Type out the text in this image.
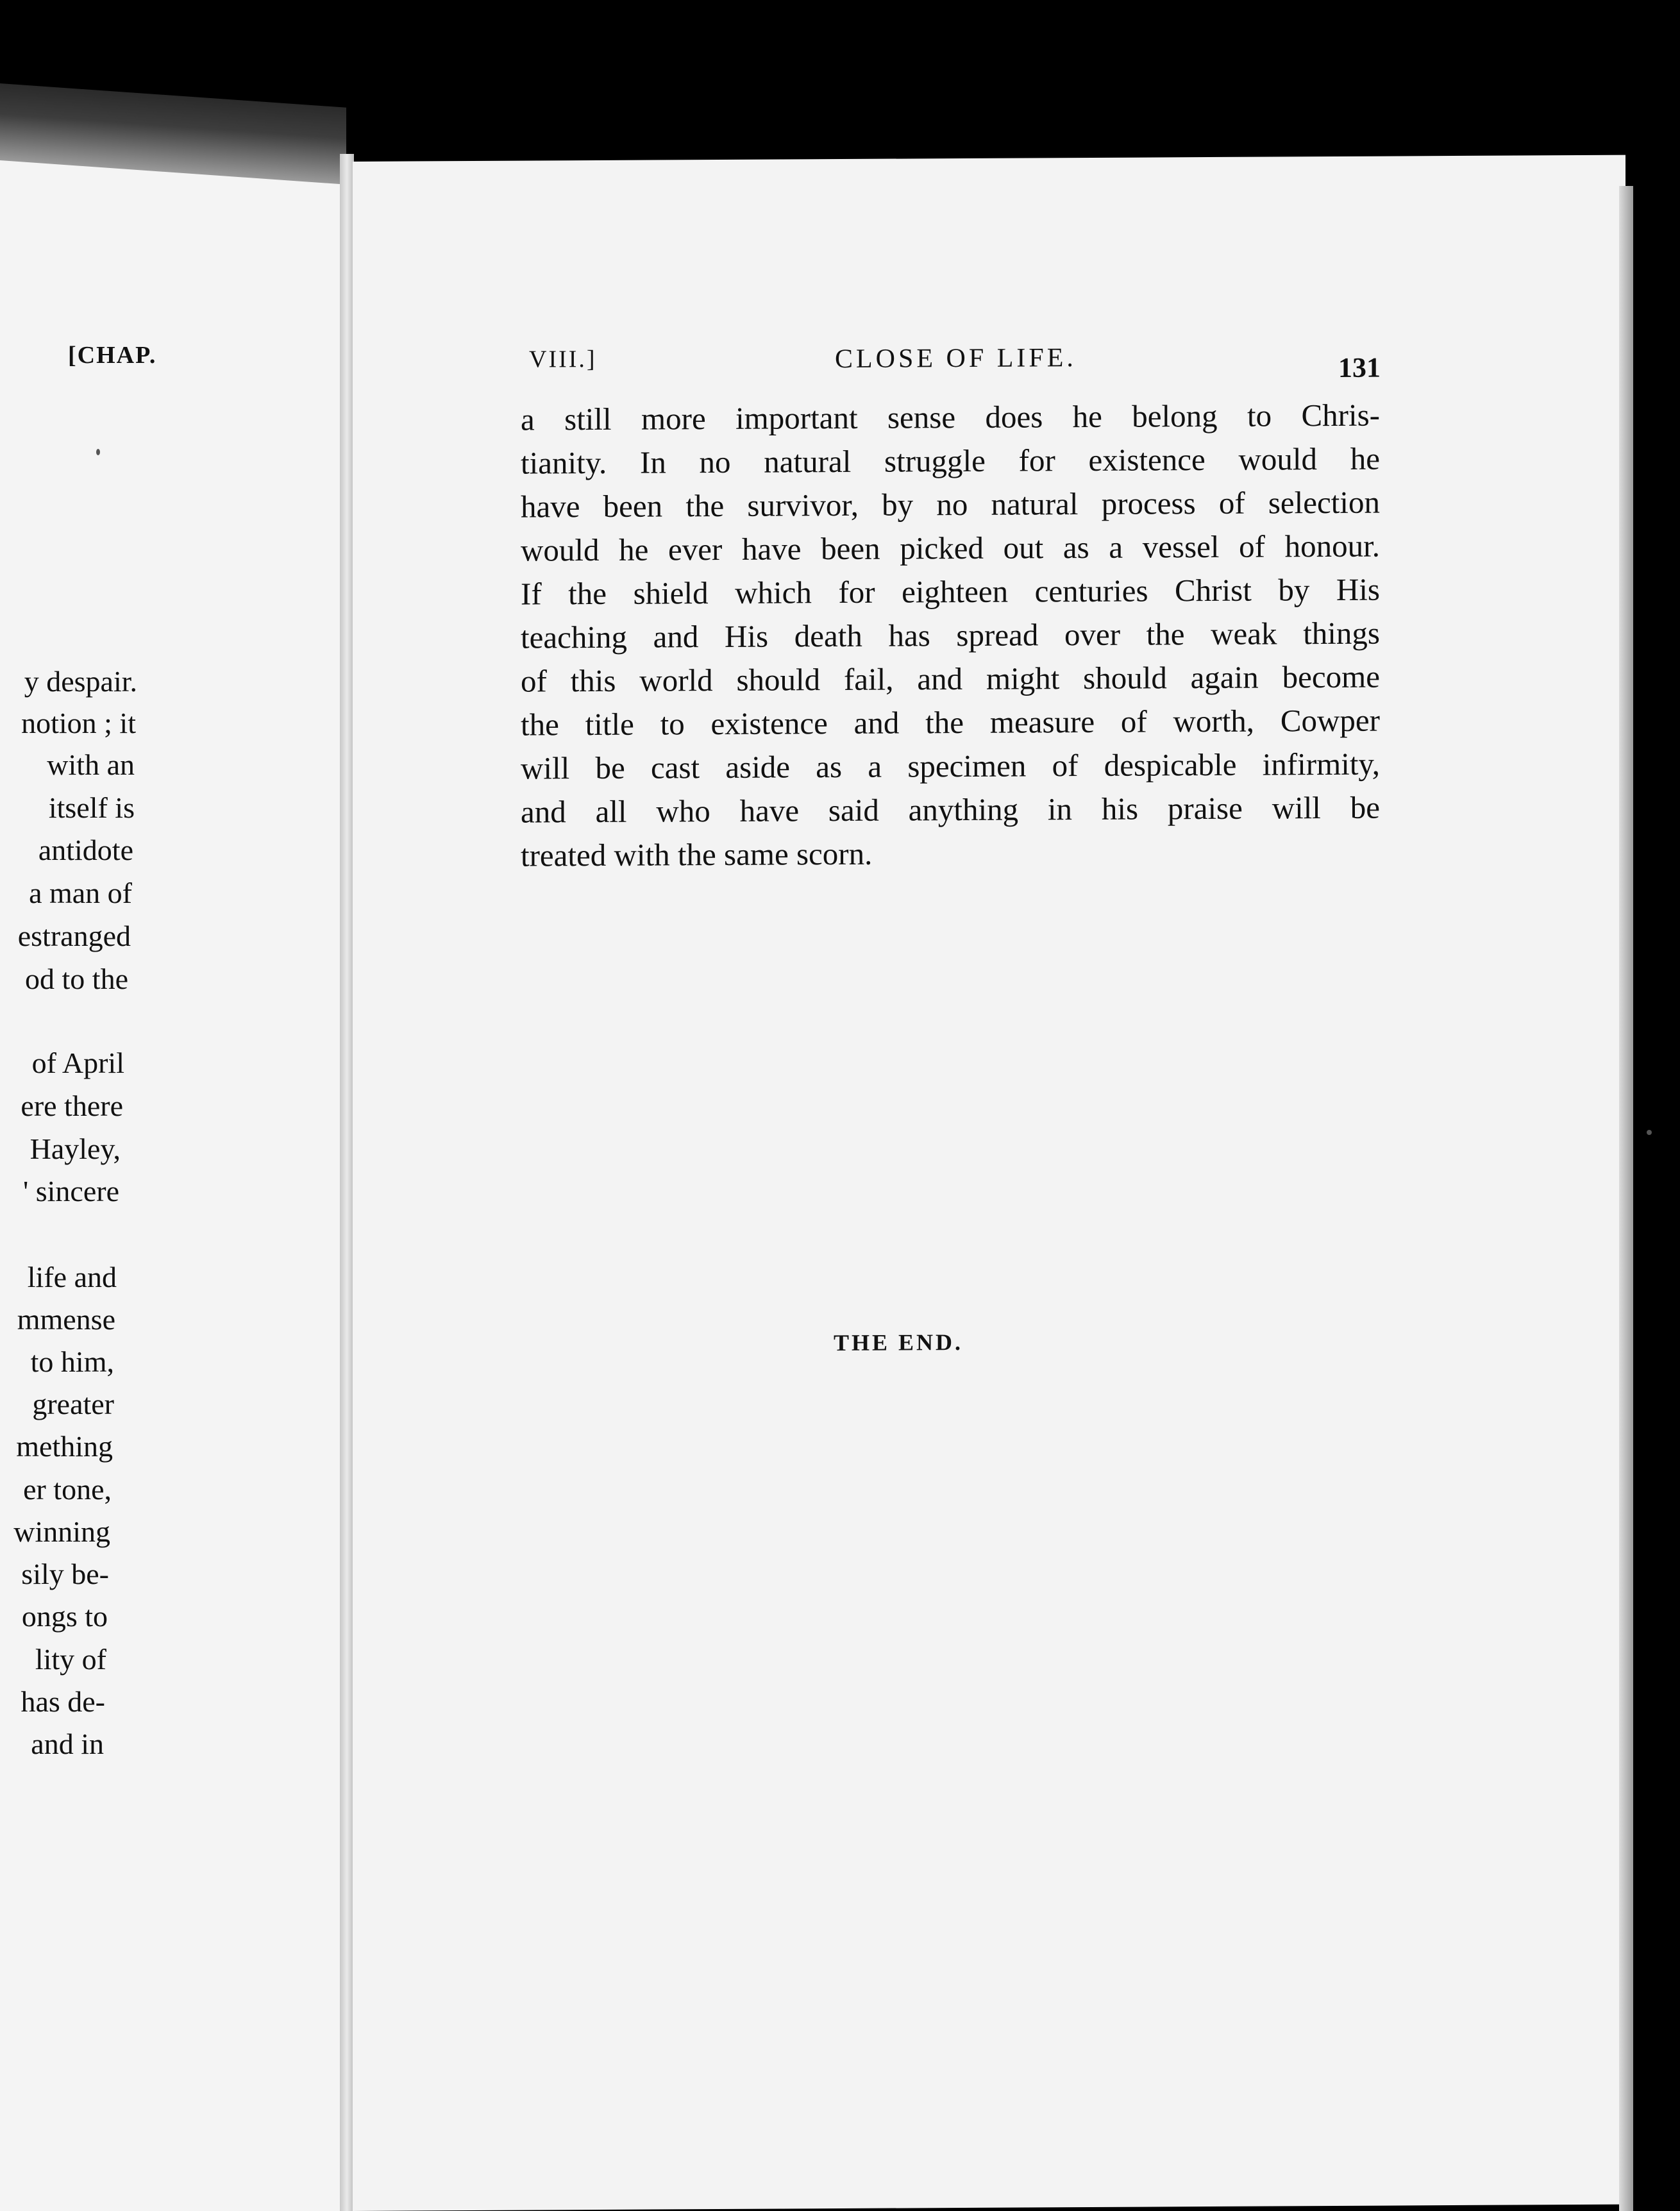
[CHAP.
y despair.
notion ; it
with an
itself is
antidote
a man of
estranged
od to the
of April
ere there
Hayley,
' sincere
life and
mmense
to him,
greater
mething
er tone,
winning
sily be-
ongs to
lity of
has de-
and in
VIII.]	CLOSE OF LIFE.	131
a still more important sense does he belong to Chris-
tianity. In no natural struggle for existence would he
have been the survivor, by no natural process of selection
would he ever have been picked out as a vessel of honour.
If the shield which for eighteen centuries Christ by His
teaching and His death has spread over the weak things
of this world should fail, and might should again become
the title to existence and the measure of worth, Cowper
will be cast aside as a specimen of despicable infirmity,
and all who have said anything in his praise will be
treated with the same scorn.
THE END.
